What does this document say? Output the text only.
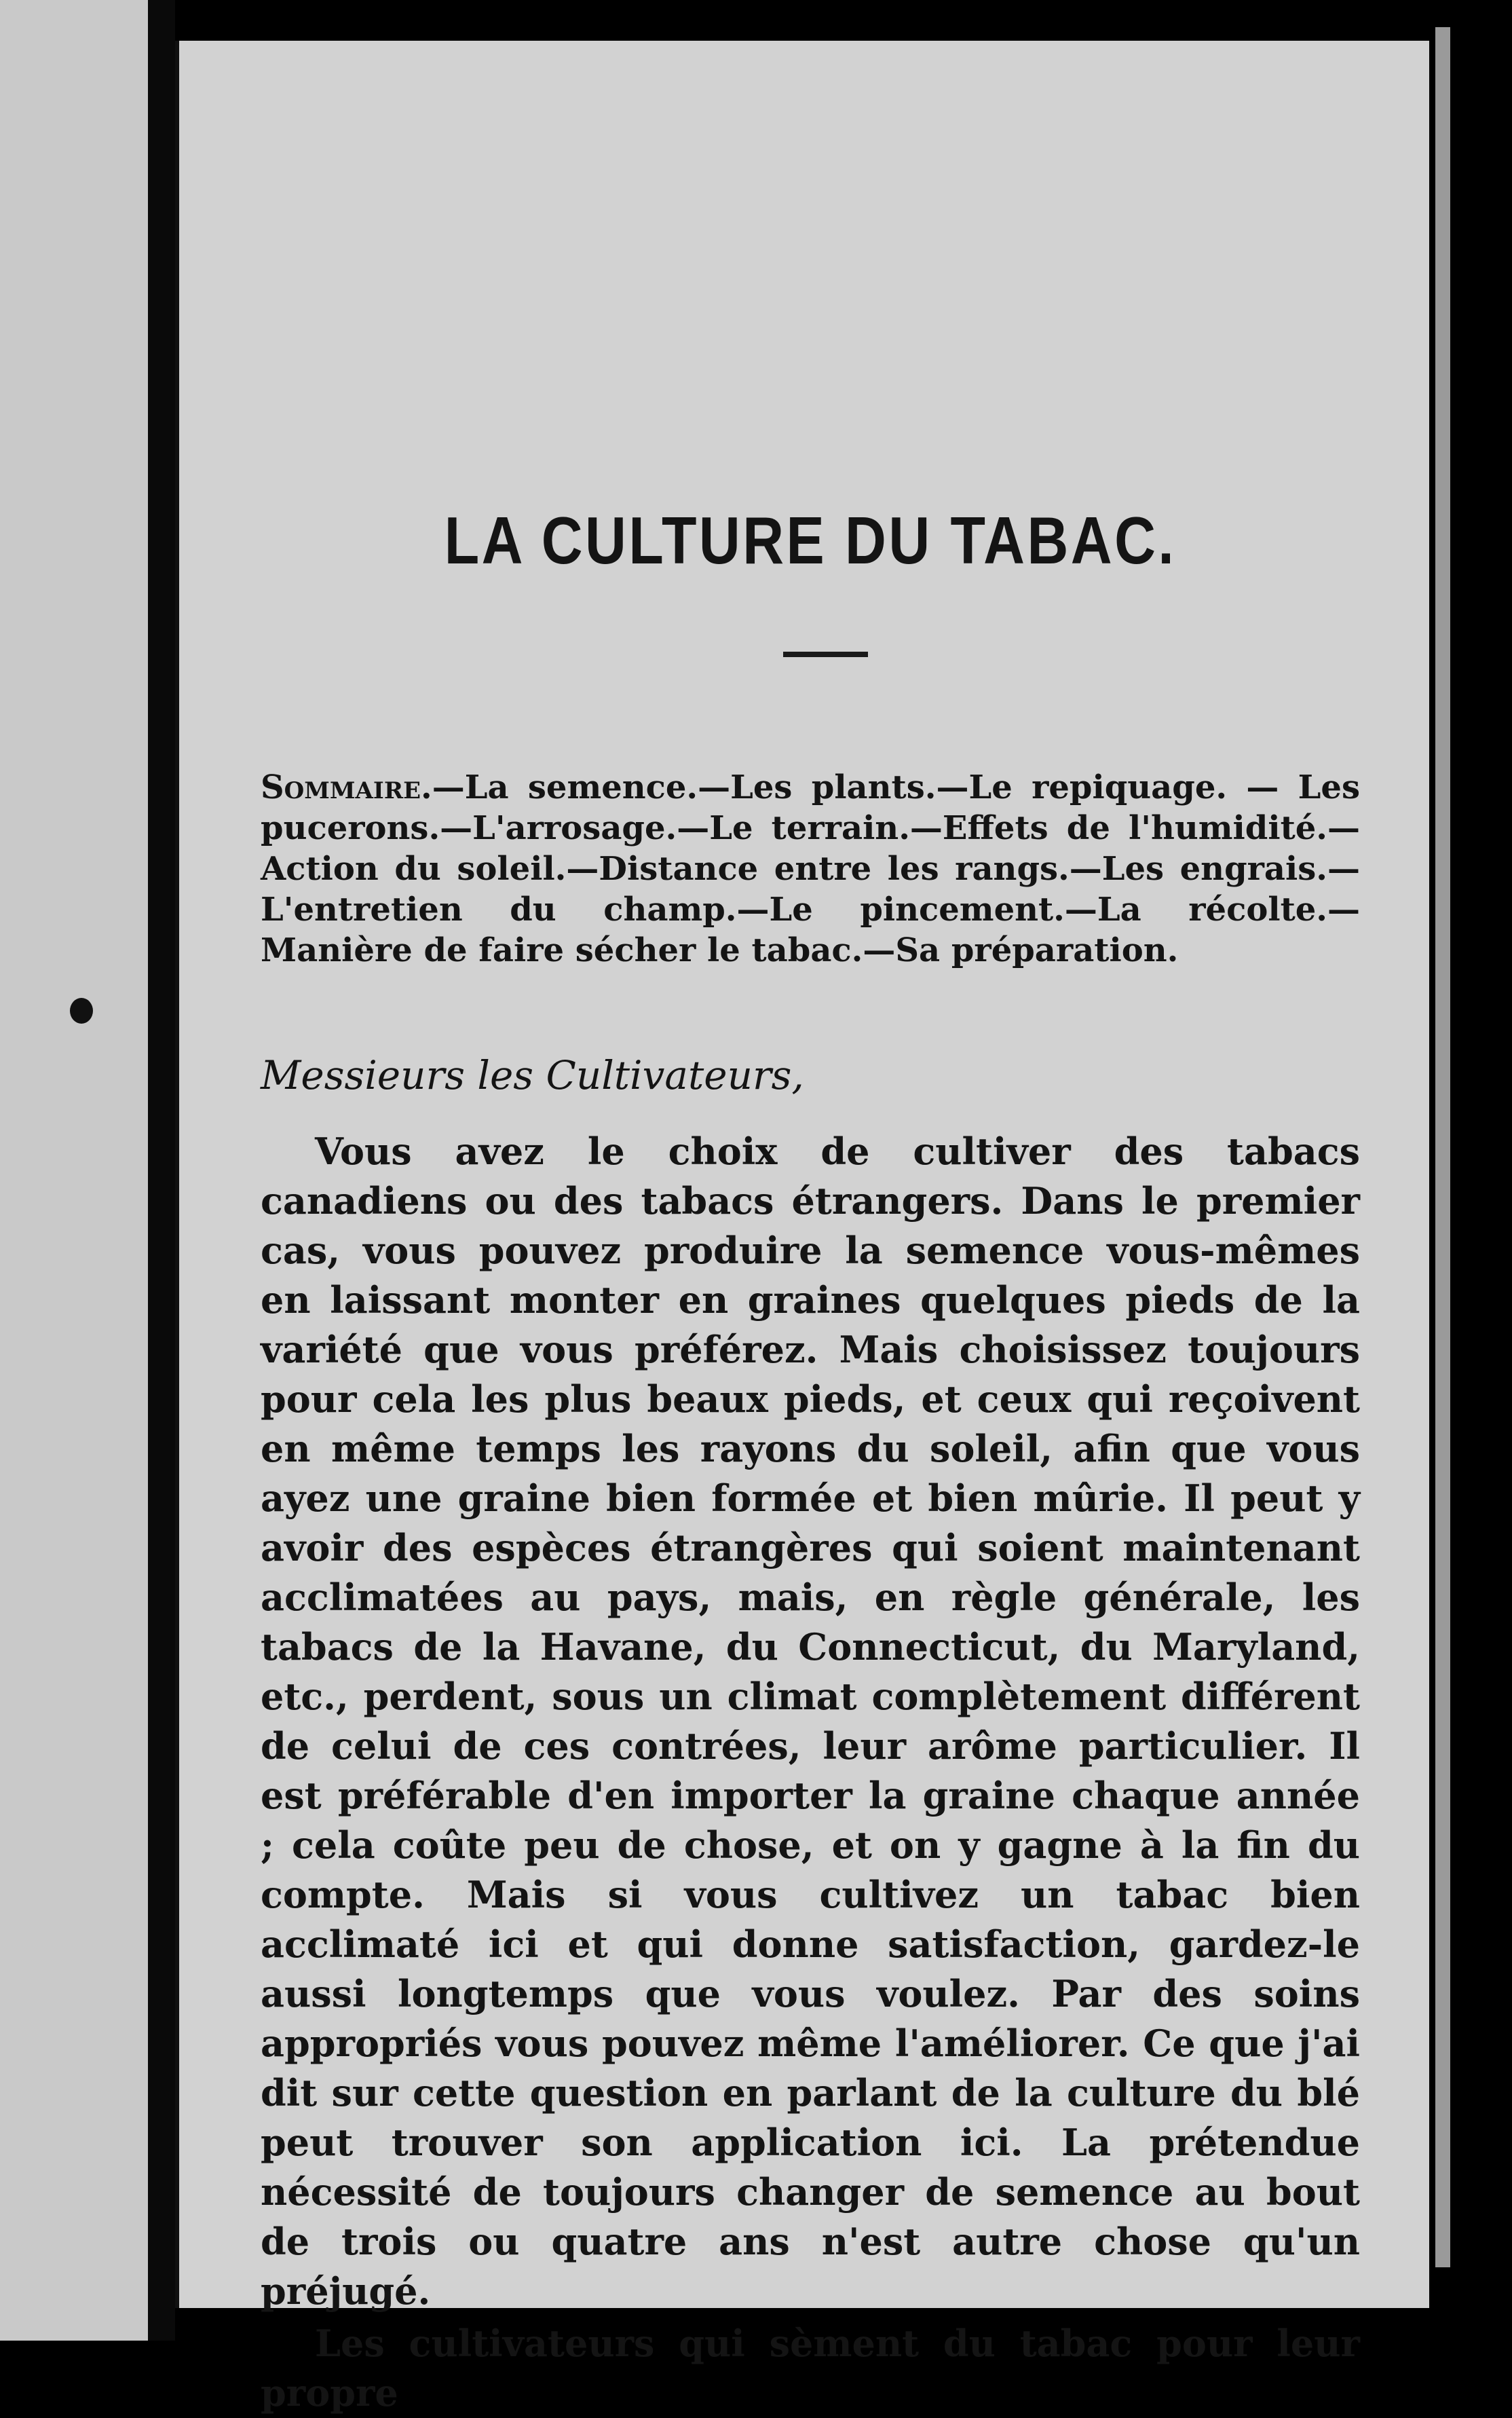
LA CULTURE DU TABAC.

Sommaire.—La semence.—Les plants.—Le repiquage. — Les pucerons.—L'arrosage.—Le terrain.—Effets de l'humidité.—Action du soleil.—Distance entre les rangs.—Les engrais.—L'entretien du champ.—Le pincement.—La récolte.—Manière de faire sécher le tabac.—Sa préparation.

Messieurs les Cultivateurs,

Vous avez le choix de cultiver des tabacs canadiens ou des tabacs étrangers. Dans le premier cas, vous pouvez produire la semence vous-mêmes en laissant monter en graines quelques pieds de la variété que vous préférez. Mais choisissez toujours pour cela les plus beaux pieds, et ceux qui reçoivent en même temps les rayons du soleil, afin que vous ayez une graine bien formée et bien mûrie. Il peut y avoir des espèces étrangères qui soient maintenant acclimatées au pays, mais, en règle générale, les tabacs de la Havane, du Connecticut, du Maryland, etc., perdent, sous un climat complètement différent de celui de ces contrées, leur arôme particulier. Il est préférable d'en importer la graine chaque année ; cela coûte peu de chose, et on y gagne à la fin du compte. Mais si vous cultivez un tabac bien acclimaté ici et qui donne satisfaction, gardez-le aussi longtemps que vous voulez. Par des soins appropriés vous pouvez même l'améliorer. Ce que j'ai dit sur cette question en parlant de la culture du blé peut trouver son application ici. La prétendue nécessité de toujours changer de semence au bout de trois ou quatre ans n'est autre chose qu'un préjugé.

Les cultivateurs qui sèment du tabac pour leur propre
